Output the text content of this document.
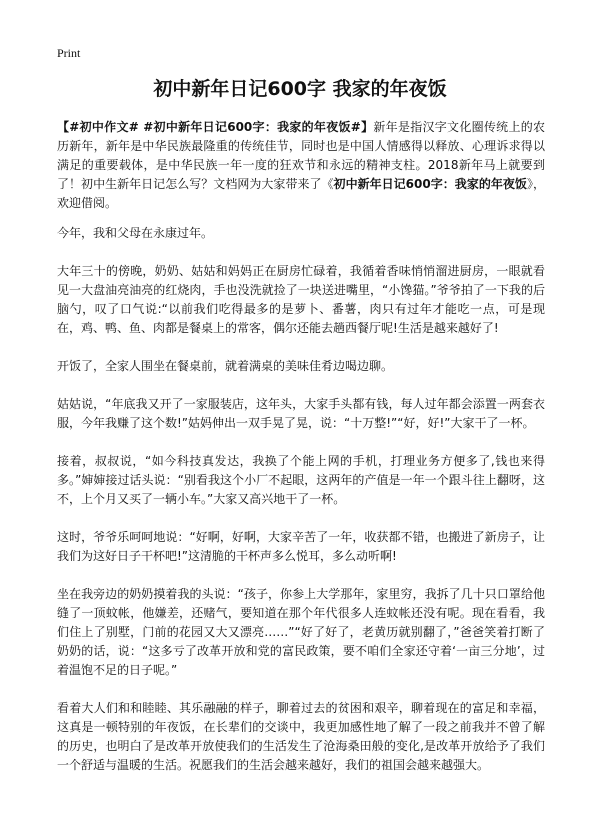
Print
初中新年日记600字 我家的年夜饭

【#初中作文# #初中新年日记600字：我家的年夜饭#】新年是指汉字文化圈传统上的农历新年，新年是中华民族最隆重的传统佳节，同时也是中国人情感得以释放、心理诉求得以满足的重要载体，是中华民族一年一度的狂欢节和永远的精神支柱。2018新年马上就要到了！初中生新年日记怎么写？文档网为大家带来了《初中新年日记600字：我家的年夜饭》，欢迎借阅。

今年，我和父母在永康过年。

大年三十的傍晚，奶奶、姑姑和妈妈正在厨房忙碌着，我循着香味悄悄溜进厨房，一眼就看见一大盘油亮油亮的红烧肉，手也没洗就捡了一块送进嘴里，“小馋猫。”爷爷拍了一下我的后脑勺，叹了口气说:“以前我们吃得最多的是萝卜、番薯，肉只有过年才能吃一点，可是现在，鸡、鸭、鱼、肉都是餐桌上的常客，偶尔还能去趟西餐厅呢!生活是越来越好了!

开饭了，全家人围坐在餐桌前，就着满桌的美味佳肴边喝边聊。

姑姑说，“年底我又开了一家服装店，这年头，大家手头都有钱，每人过年都会添置一两套衣服，今年我赚了这个数!”姑妈伸出一双手晃了晃，说：“十万整!”“好，好!”大家干了一杯。

接着，叔叔说，“如今科技真发达，我换了个能上网的手机，打理业务方便多了,钱也来得多。”婶婶接过话头说：“别看我这个小厂不起眼，这两年的产值是一年一个跟斗往上翻呀，这不，上个月又买了一辆小车。”大家又高兴地干了一杯。

这时，爷爷乐呵呵地说：“好啊，好啊，大家辛苦了一年，收获都不错，也搬进了新房子，让我们为这好日子干杯吧!”这清脆的干杯声多么悦耳，多么动听啊!

坐在我旁边的奶奶摸着我的头说：“孩子，你参上大学那年，家里穷，我拆了几十只口罩给他缝了一顶蚊帐，他嫌差，还赌气，要知道在那个年代很多人连蚊帐还没有呢。现在看看，我们住上了别墅，门前的花园又大又漂亮……”“好了好了，老黄历就别翻了，”爸爸笑着打断了奶奶的话，说：“这多亏了改革开放和党的富民政策，要不咱们全家还守着‘一亩三分地’，过着温饱不足的日子呢。”

看着大人们和和睦睦、其乐融融的样子，聊着过去的贫困和艰辛，聊着现在的富足和幸福，这真是一顿特别的年夜饭，在长辈们的交谈中，我更加感性地了解了一段之前我并不曾了解的历史，也明白了是改革开放使我们的生活发生了沧海桑田般的变化,是改革开放给予了我们一个舒适与温暖的生活。祝愿我们的生活会越来越好，我们的祖国会越来越强大。
